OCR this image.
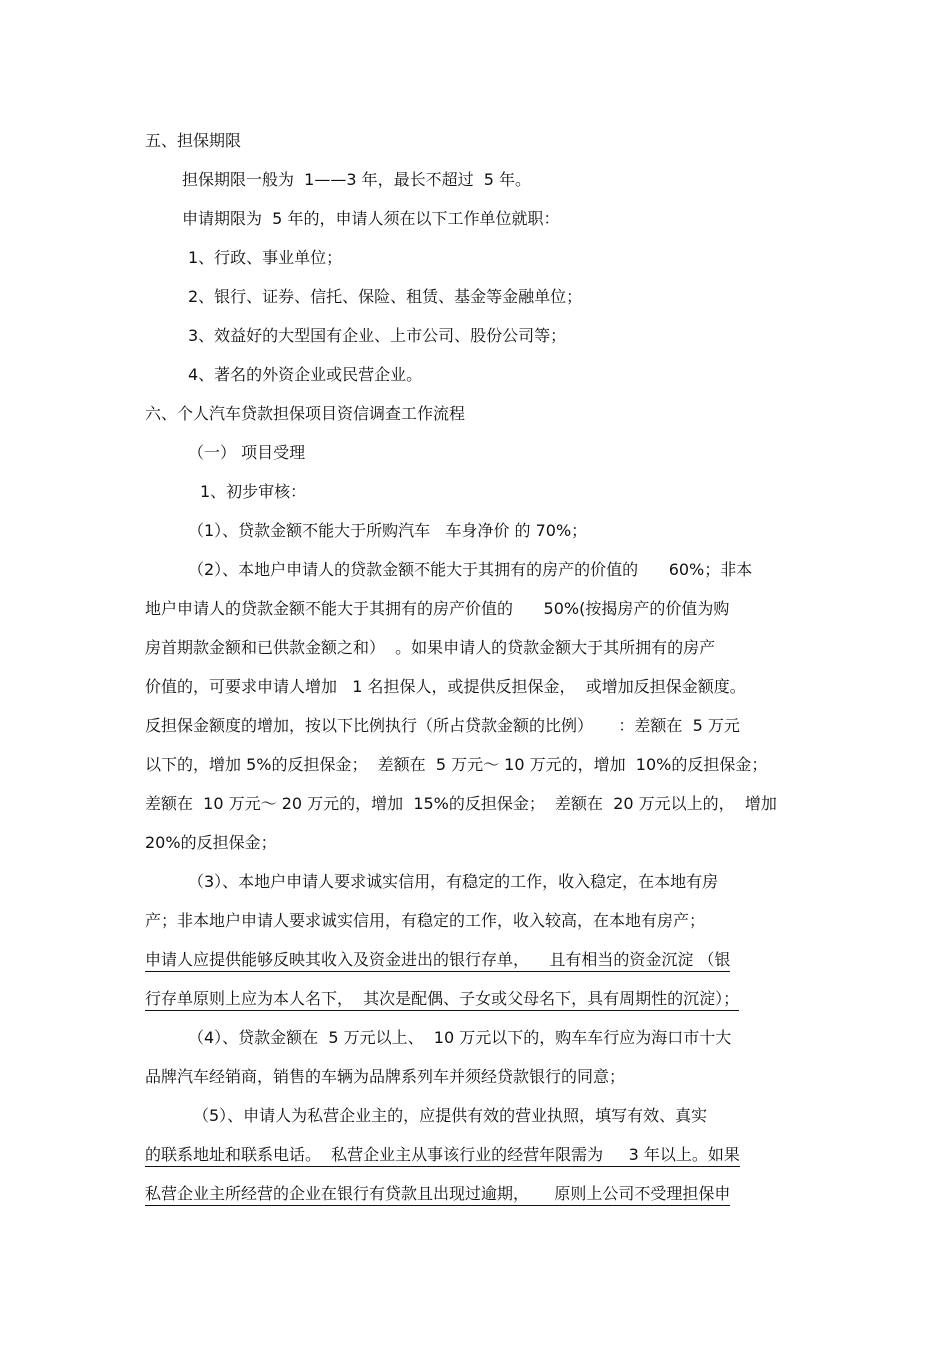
五、担保期限
担保期限一般为  1——3 年，最长不超过  5 年。
申请期限为  5 年的，申请人须在以下工作单位就职：
1、行政、事业单位；
2、银行、证券、信托、保险、租赁、基金等金融单位；
3、效益好的大型国有企业、上市公司、股份公司等；
4、著名的外资企业或民营企业。
六、个人汽车贷款担保项目资信调查工作流程
（一） 项目受理
1、初步审核：
（1）、贷款金额不能大于所购汽车   车身净价 的 70%；
（2）、本地户申请人的贷款金额不能大于其拥有的房产的价值的      60%；非本
地户申请人的贷款金额不能大于其拥有的房产价值的      50%(按揭房产的价值为购
房首期款金额和已供款金额之和）  。如果申请人的贷款金额大于其所拥有的房产
价值的，可要求申请人增加   1 名担保人，或提供反担保金，  或增加反担保金额度。
反担保金额度的增加，按以下比例执行（所占贷款金额的比例）     ：差额在  5 万元
以下的，增加 5%的反担保金；  差额在  5 万元～ 10 万元的，增加  10%的反担保金；
差额在  10 万元～ 20 万元的，增加  15%的反担保金；  差额在  20 万元以上的，  增加
20%的反担保金；
（3）、本地户申请人要求诚实信用，有稳定的工作，收入稳定，在本地有房
产；非本地户申请人要求诚实信用，有稳定的工作，收入较高，在本地有房产；
申请人应提供能够反映其收入及资金进出的银行存单，    且有相当的资金沉淀 （银
行存单原则上应为本人名下，  其次是配偶、子女或父母名下，具有周期性的沉淀）；
（4）、贷款金额在  5 万元以上、  10 万元以下的，购车车行应为海口市十大
品牌汽车经销商，销售的车辆为品牌系列车并须经贷款银行的同意；
（5）、申请人为私营企业主的，应提供有效的营业执照，填写有效、真实
的联系地址和联系电话。  私营企业主从事该行业的经营年限需为     3 年以上。如果
私营企业主所经营的企业在银行有贷款且出现过逾期，     原则上公司不受理担保申
